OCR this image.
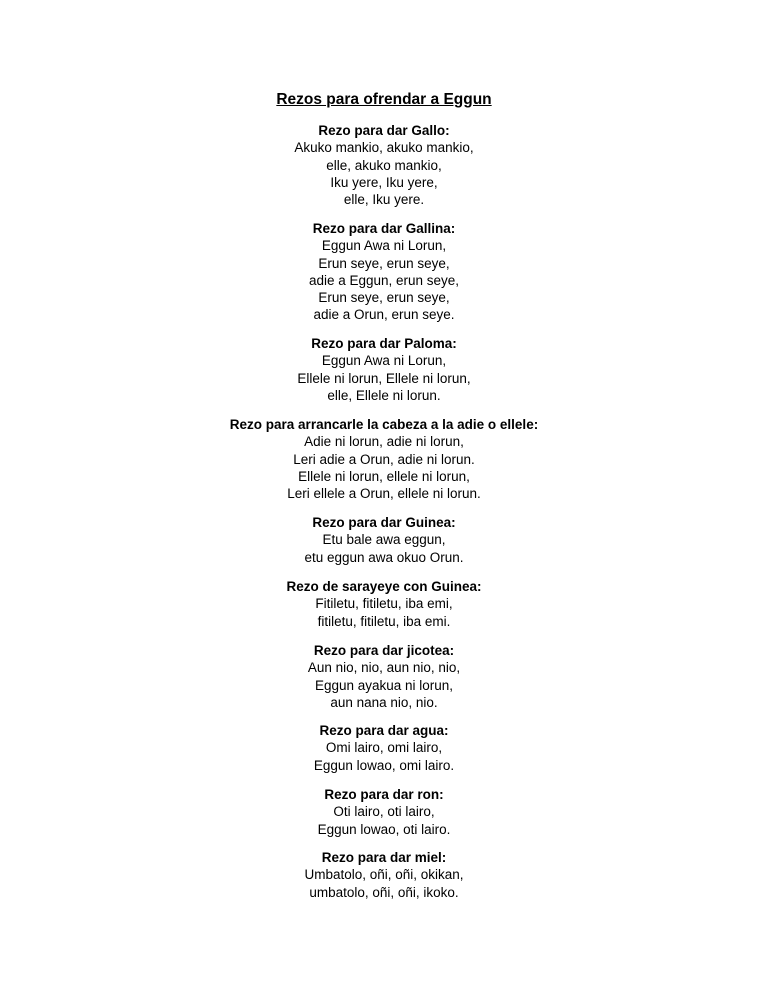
Rezos para ofrendar a Eggun

Rezo para dar Gallo:

Akuko mankio, akuko mankio,

elle, akuko mankio,

Iku yere, Iku yere,

elle, Iku yere.

Rezo para dar Gallina:

Eggun Awa ni Lorun,

Erun seye, erun seye,

adie a Eggun, erun seye,

Erun seye, erun seye,

adie a Orun, erun seye.

Rezo para dar Paloma:

Eggun Awa ni Lorun,

Ellele ni lorun, Ellele ni lorun,

elle, Ellele ni lorun.

Rezo para arrancarle la cabeza a la adie o ellele:

Adie ni lorun, adie ni lorun,

Leri adie a Orun, adie ni lorun.

Ellele ni lorun, ellele ni lorun,

Leri ellele a Orun, ellele ni lorun.

Rezo para dar Guinea:

Etu bale awa eggun,

etu eggun awa okuo Orun.

Rezo de sarayeye con Guinea:

Fitiletu, fitiletu, iba emi,

fitiletu, fitiletu, iba emi.

Rezo para dar jicotea:

Aun nio, nio, aun nio, nio,

Eggun ayakua ni lorun,

aun nana nio, nio.

Rezo para dar agua:

Omi lairo, omi lairo,

Eggun lowao, omi lairo.

Rezo para dar ron:

Oti lairo, oti lairo,

Eggun lowao, oti lairo.

Rezo para dar miel:

Umbatolo, oñi, oñi, okikan,

umbatolo, oñi, oñi, ikoko.
